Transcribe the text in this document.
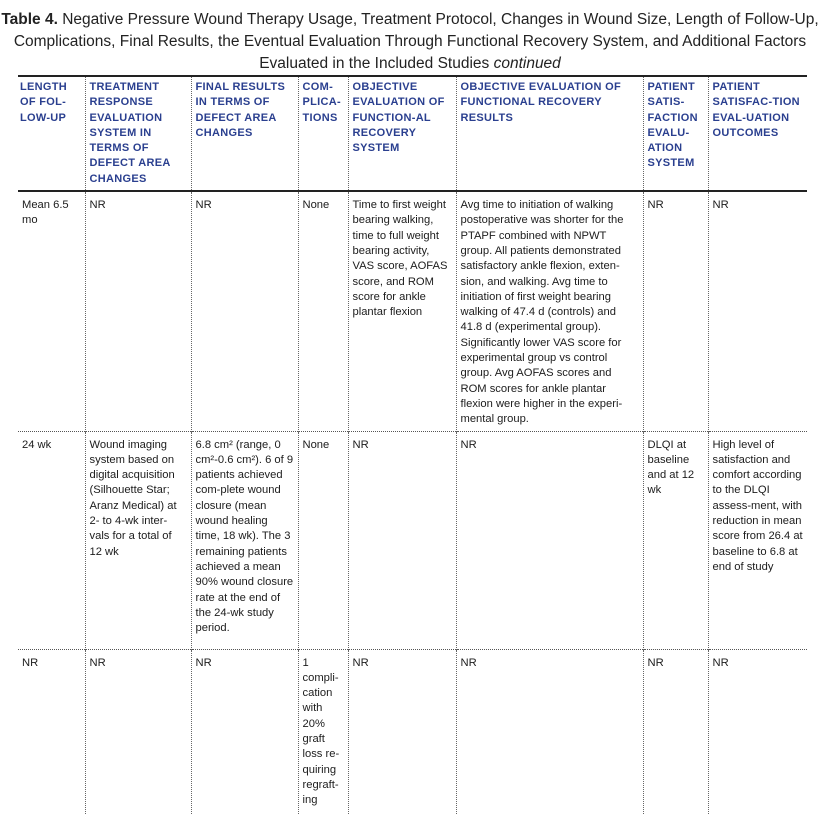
Table 4. Negative Pressure Wound Therapy Usage, Treatment Protocol, Changes in Wound Size, Length of Follow-Up, Complications, Final Results, the Eventual Evaluation Through Functional Recovery System, and Additional Factors Evaluated in the Included Studies continued
LENGTH OF FOL-LOW-UP	TREATMENT RESPONSE EVALUATION SYSTEM IN TERMS OF DEFECT AREA CHANGES	FINAL RESULTS IN TERMS OF DEFECT AREA CHANGES	COM-PLICA-TIONS	OBJECTIVE EVALUATION OF FUNCTION-AL RECOVERY SYSTEM	OBJECTIVE EVALUATION OF FUNCTIONAL RECOVERY RESULTS	PATIENT SATIS-FACTION EVALU-ATION SYSTEM	PATIENT SATISFAC-TION EVAL-UATION OUTCOMES
Mean 6.5 mo	NR	NR	None	Time to first weight bearing walking, time to full weight bearing activity, VAS score, AOFAS score, and ROM score for ankle plantar flexion	Avg time to initiation of walking postoperative was shorter for the PTAPF combined with NPWT group. All patients demonstrated satisfactory ankle flexion, exten-sion, and walking. Avg time to initiation of first weight bearing walking of 47.4 d (controls) and 41.8 d (experimental group). Significantly lower VAS score for experimental group vs control group. Avg AOFAS scores and ROM scores for ankle plantar flexion were higher in the experi-mental group.	NR	NR
24 wk	Wound imaging system based on digital acquisition (Silhouette Star; Aranz Medical) at 2- to 4-wk inter-vals for a total of 12 wk	6.8 cm² (range, 0 cm²-0.6 cm²). 6 of 9 patients achieved com-plete wound closure (mean wound healing time, 18 wk). The 3 remaining patients achieved a mean 90% wound closure rate at the end of the 24-wk study period.	None	NR	NR	DLQI at baseline and at 12 wk	High level of satisfaction and comfort according to the DLQI assess-ment, with reduction in mean score from 26.4 at baseline to 6.8 at end of study
NR	NR	NR	1 compli-cation with 20% graft loss re-quiring regraft-ing	NR	NR	NR	NR
